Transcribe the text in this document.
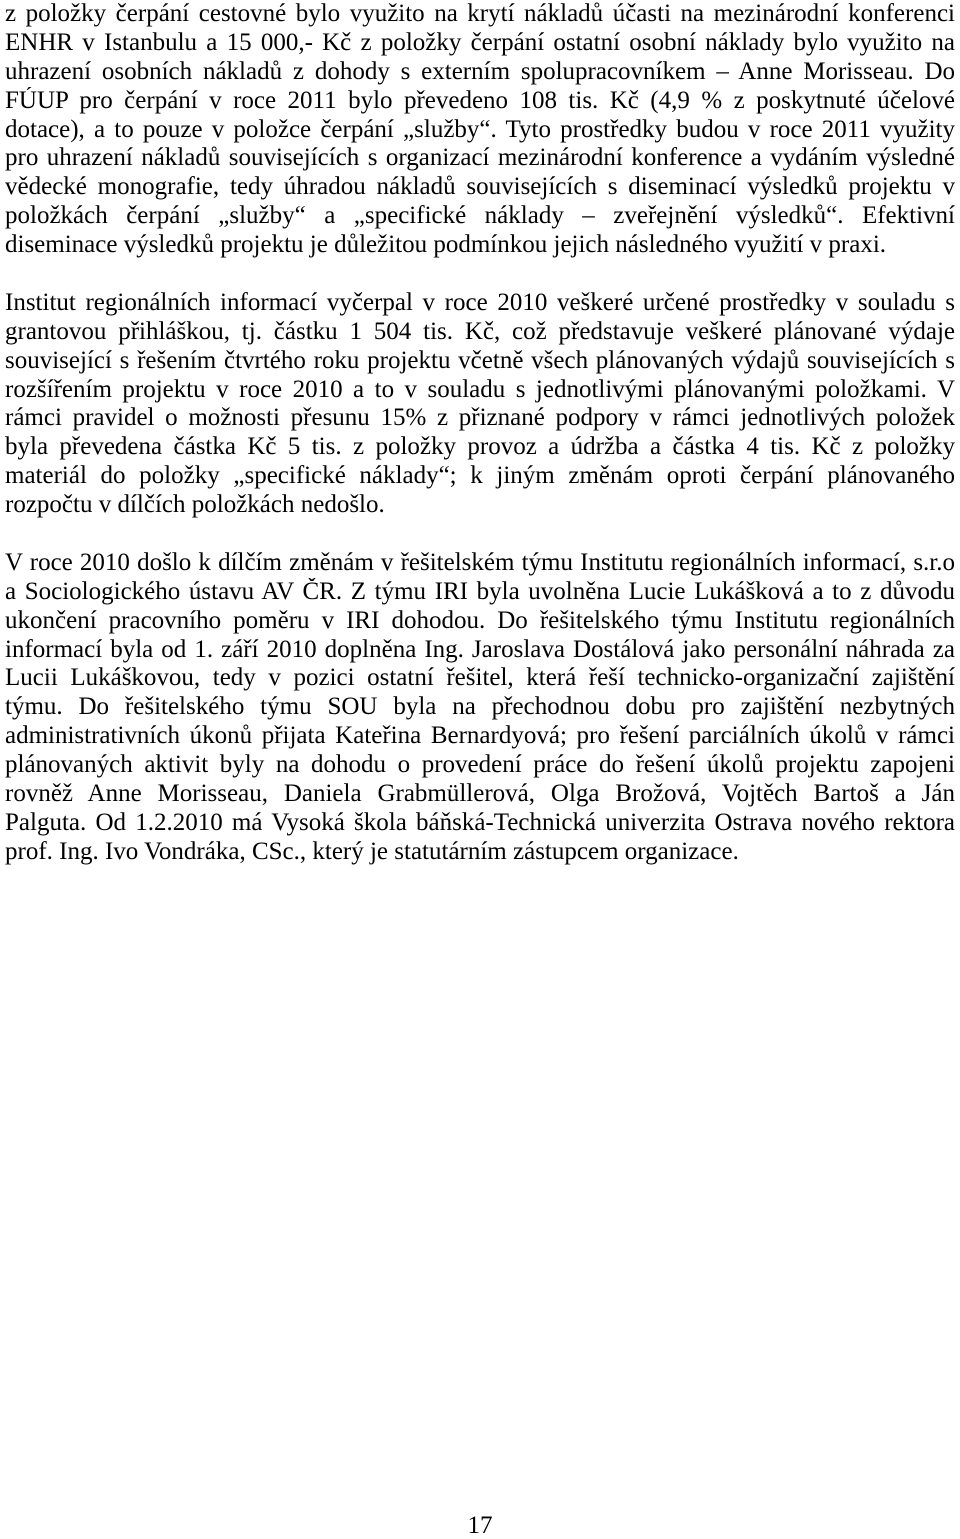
z položky čerpání cestovné bylo využito na krytí nákladů účasti na mezinárodní konferenci
ENHR v Istanbulu a 15 000,- Kč z položky čerpání ostatní osobní náklady bylo využito na
uhrazení osobních nákladů z dohody s externím spolupracovníkem – Anne Morisseau. Do
FÚUP pro čerpání v roce 2011 bylo převedeno 108 tis. Kč (4,9 % z poskytnuté účelové
dotace), a to pouze v položce čerpání „služby“. Tyto prostředky budou v roce 2011 využity
pro uhrazení nákladů souvisejících s organizací mezinárodní konference a vydáním výsledné
vědecké monografie, tedy úhradou nákladů souvisejících s diseminací výsledků projektu v
položkách čerpání „služby“ a „specifické náklady – zveřejnění výsledků“. Efektivní
diseminace výsledků projektu je důležitou podmínkou jejich následného využití v praxi.
Institut regionálních informací vyčerpal v roce 2010 veškeré určené prostředky v souladu s
grantovou přihláškou, tj. částku 1 504 tis. Kč, což představuje veškeré plánované výdaje
související s řešením čtvrtého roku projektu včetně všech plánovaných výdajů souvisejících s
rozšířením projektu v roce 2010 a to v souladu s jednotlivými plánovanými položkami. V
rámci pravidel o možnosti přesunu 15% z přiznané podpory v rámci jednotlivých položek
byla převedena částka Kč 5 tis. z položky provoz a údržba a částka 4 tis. Kč z položky
materiál do položky „specifické náklady“; k jiným změnám oproti čerpání plánovaného
rozpočtu v dílčích položkách nedošlo.
V roce 2010 došlo k dílčím změnám v řešitelském týmu Institutu regionálních informací, s.r.o
a Sociologického ústavu AV ČR. Z týmu IRI byla uvolněna Lucie Lukášková a to z důvodu
ukončení pracovního poměru v IRI dohodou. Do řešitelského týmu Institutu regionálních
informací byla od 1. září 2010 doplněna Ing. Jaroslava Dostálová jako personální náhrada za
Lucii Lukáškovou, tedy v pozici ostatní řešitel, která řeší technicko-organizační zajištění
týmu. Do řešitelského týmu SOU byla na přechodnou dobu pro zajištění nezbytných
administrativních úkonů přijata Kateřina Bernardyová; pro řešení parciálních úkolů v rámci
plánovaných aktivit byly na dohodu o provedení práce do řešení úkolů projektu zapojeni
rovněž Anne Morisseau, Daniela Grabmüllerová, Olga Brožová, Vojtěch Bartoš a Ján
Palguta. Od 1.2.2010 má Vysoká škola báňská-Technická univerzita Ostrava nového rektora
prof. Ing. Ivo Vondráka, CSc., který je statutárním zástupcem organizace.
17
